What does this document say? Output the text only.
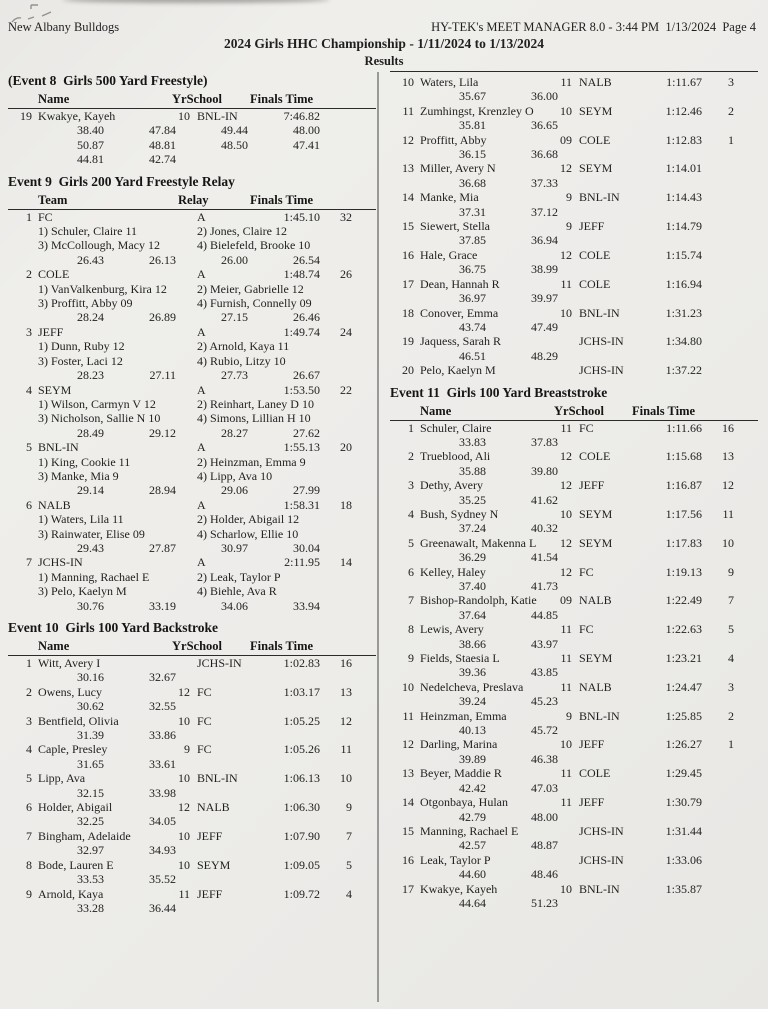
New Albany Bulldogs	HY-TEK's MEET MANAGER 8.0 - 3:44 PM  1/13/2024  Page 4
2024 Girls HHC Championship - 1/11/2024 to 1/13/2024
Results
(Event 8  Girls 500 Yard Freestyle)
Name	YrSchool	Finals Time
19 Kwakye, Kayeh	10 BNL-IN	7:46.82
38.40	47.84	49.44	48.00
50.87	48.81	48.50	47.41
44.81	42.74
Event 9  Girls 200 Yard Freestyle Relay
Team	Relay	Finals Time
1 FC	A	1:45.10	32
1) Schuler, Claire 11	2) Jones, Claire 12
3) McCollough, Macy 12	4) Bielefeld, Brooke 10
26.43	26.13	26.00	26.54
2 COLE	A	1:48.74	26
1) VanValkenburg, Kira 12	2) Meier, Gabrielle 12
3) Proffitt, Abby 09	4) Furnish, Connelly 09
28.24	26.89	27.15	26.46
3 JEFF	A	1:49.74	24
1) Dunn, Ruby 12	2) Arnold, Kaya 11
3) Foster, Laci 12	4) Rubio, Litzy 10
28.23	27.11	27.73	26.67
4 SEYM	A	1:53.50	22
1) Wilson, Carmyn V 12	2) Reinhart, Laney D 10
3) Nicholson, Sallie N 10	4) Simons, Lillian H 10
28.49	29.12	28.27	27.62
5 BNL-IN	A	1:55.13	20
1) King, Cookie 11	2) Heinzman, Emma 9
3) Manke, Mia 9	4) Lipp, Ava 10
29.14	28.94	29.06	27.99
6 NALB	A	1:58.31	18
1) Waters, Lila 11	2) Holder, Abigail 12
3) Rainwater, Elise 09	4) Scharlow, Ellie 10
29.43	27.87	30.97	30.04
7 JCHS-IN	A	2:11.95	14
1) Manning, Rachael E	2) Leak, Taylor P
3) Pelo, Kaelyn M	4) Biehle, Ava R
30.76	33.19	34.06	33.94
Event 10  Girls 100 Yard Backstroke
Name	YrSchool	Finals Time
1 Witt, Avery I	JCHS-IN	1:02.83	16
30.16	32.67
2 Owens, Lucy	12 FC	1:03.17	13
30.62	32.55
3 Bentfield, Olivia	10 FC	1:05.25	12
31.39	33.86
4 Caple, Presley	9 FC	1:05.26	11
31.65	33.61
5 Lipp, Ava	10 BNL-IN	1:06.13	10
32.15	33.98
6 Holder, Abigail	12 NALB	1:06.30	9
32.25	34.05
7 Bingham, Adelaide	10 JEFF	1:07.90	7
32.97	34.93
8 Bode, Lauren E	10 SEYM	1:09.05	5
33.53	35.52
9 Arnold, Kaya	11 JEFF	1:09.72	4
33.28	36.44
10 Waters, Lila	11 NALB	1:11.67	3
35.67	36.00
11 Zumhingst, Krenzley O	10 SEYM	1:12.46	2
35.81	36.65
12 Proffitt, Abby	09 COLE	1:12.83	1
36.15	36.68
13 Miller, Avery N	12 SEYM	1:14.01
36.68	37.33
14 Manke, Mia	9 BNL-IN	1:14.43
37.31	37.12
15 Siewert, Stella	9 JEFF	1:14.79
37.85	36.94
16 Hale, Grace	12 COLE	1:15.74
36.75	38.99
17 Dean, Hannah R	11 COLE	1:16.94
36.97	39.97
18 Conover, Emma	10 BNL-IN	1:31.23
43.74	47.49
19 Jaquess, Sarah R	JCHS-IN	1:34.80
46.51	48.29
20 Pelo, Kaelyn M	JCHS-IN	1:37.22
Event 11  Girls 100 Yard Breaststroke
Name	YrSchool	Finals Time
1 Schuler, Claire	11 FC	1:11.66	16
33.83	37.83
2 Trueblood, Ali	12 COLE	1:15.68	13
35.88	39.80
3 Dethy, Avery	12 JEFF	1:16.87	12
35.25	41.62
4 Bush, Sydney N	10 SEYM	1:17.56	11
37.24	40.32
5 Greenawalt, Makenna L	12 SEYM	1:17.83	10
36.29	41.54
6 Kelley, Haley	12 FC	1:19.13	9
37.40	41.73
7 Bishop-Randolph, Katie	09 NALB	1:22.49	7
37.64	44.85
8 Lewis, Avery	11 FC	1:22.63	5
38.66	43.97
9 Fields, Staesia L	11 SEYM	1:23.21	4
39.36	43.85
10 Nedelcheva, Preslava	11 NALB	1:24.47	3
39.24	45.23
11 Heinzman, Emma	9 BNL-IN	1:25.85	2
40.13	45.72
12 Darling, Marina	10 JEFF	1:26.27	1
39.89	46.38
13 Beyer, Maddie R	11 COLE	1:29.45
42.42	47.03
14 Otgonbaya, Hulan	11 JEFF	1:30.79
42.79	48.00
15 Manning, Rachael E	JCHS-IN	1:31.44
42.57	48.87
16 Leak, Taylor P	JCHS-IN	1:33.06
44.60	48.46
17 Kwakye, Kayeh	10 BNL-IN	1:35.87
44.64	51.23
